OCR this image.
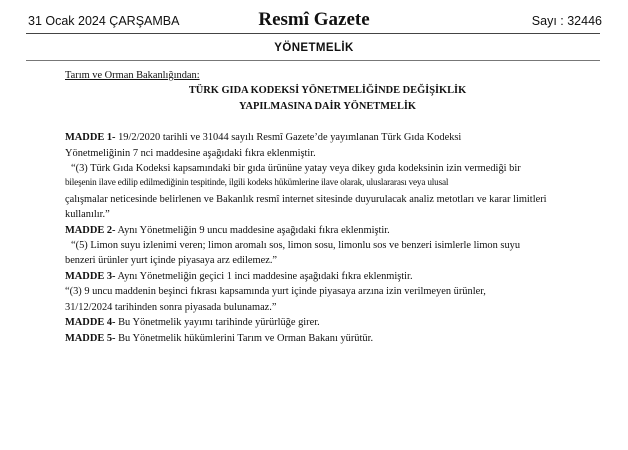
31 Ocak 2024 ÇARŞAMBA	Resmî Gazete	Sayı : 32446
YÖNETMELİK
Tarım ve Orman Bakanlığından:
TÜRK GIDA KODEKSİ YÖNETMELİĞİNDE DEĞİŞİKLİK
YAPILMASINA DAİR YÖNETMELİK
MADDE 1- 19/2/2020 tarihli ve 31044 sayılı Resmî Gazete’de yayımlanan Türk Gıda Kodeksi
Yönetmeliğinin 7 nci maddesine aşağıdaki fıkra eklenmiştir.
“(3) Türk Gıda Kodeksi kapsamındaki bir gıda ürününe yatay veya dikey gıda kodeksinin izin vermediği bir
bileşenin ilave edilip edilmediğinin tespitinde, ilgili kodeks hükümlerine ilave olarak, uluslararası veya ulusal
çalışmalar neticesinde belirlenen ve Bakanlık resmî internet sitesinde duyurulacak analiz metotları ve karar limitleri
kullanılır.”
MADDE 2- Aynı Yönetmeliğin 9 uncu maddesine aşağıdaki fıkra eklenmiştir.
“(5) Limon suyu izlenimi veren; limon aromalı sos, limon sosu, limonlu sos ve benzeri isimlerle limon suyu
benzeri ürünler yurt içinde piyasaya arz edilemez.”
MADDE 3- Aynı Yönetmeliğin geçici 1 inci maddesine aşağıdaki fıkra eklenmiştir.
“(3) 9 uncu maddenin beşinci fıkrası kapsamında yurt içinde piyasaya arzına izin verilmeyen ürünler,
31/12/2024 tarihinden sonra piyasada bulunamaz.”
MADDE 4- Bu Yönetmelik yayımı tarihinde yürürlüğe girer.
MADDE 5- Bu Yönetmelik hükümlerini Tarım ve Orman Bakanı yürütür.
